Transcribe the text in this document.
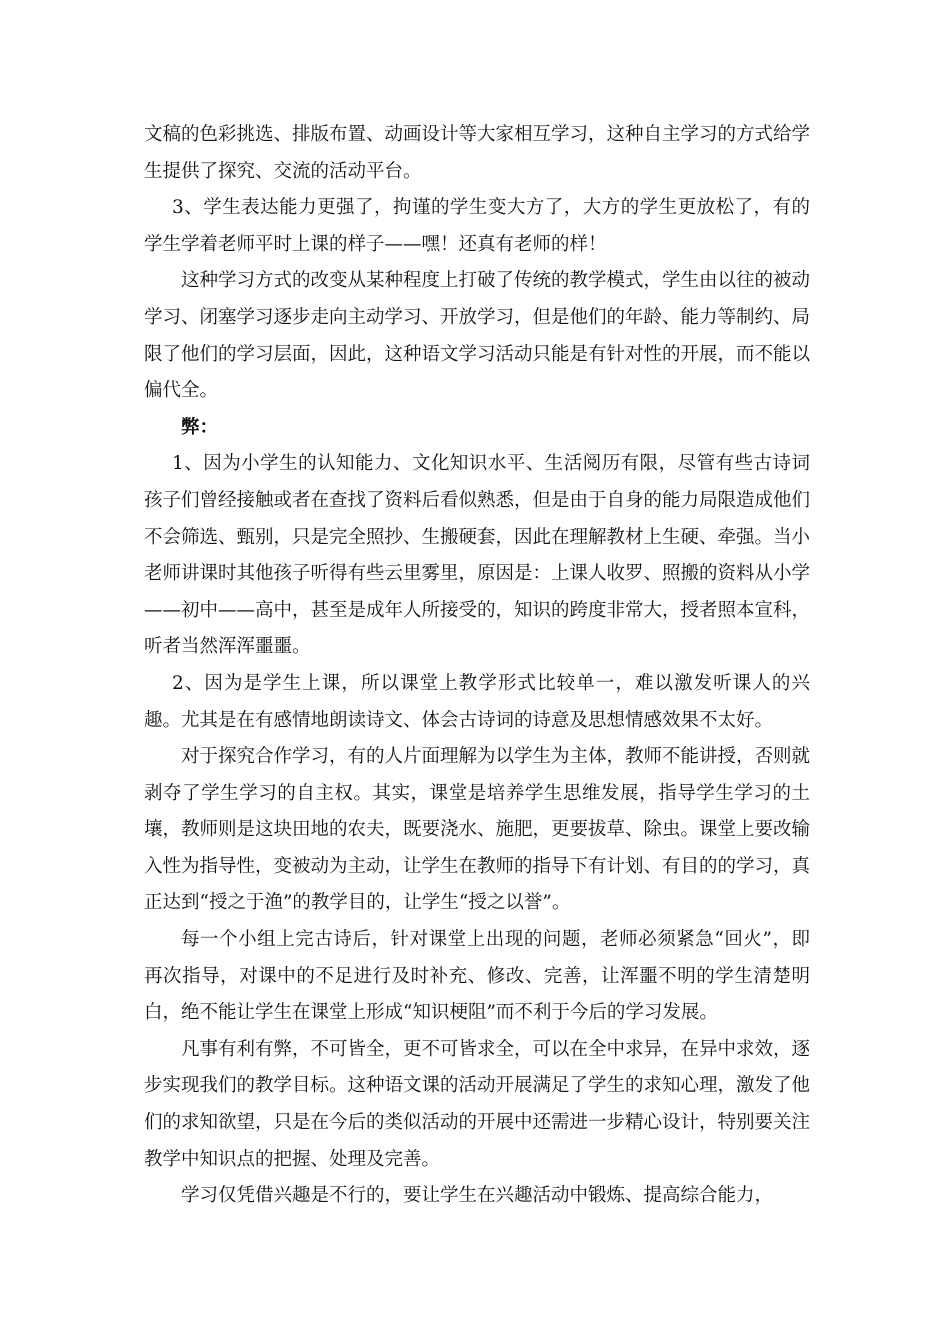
文稿的色彩挑选、排版布置、动画设计等大家相互学习，这种自主学习的方式给学生提供了探究、交流的活动平台。

3、学生表达能力更强了，拘谨的学生变大方了，大方的学生更放松了，有的学生学着老师平时上课的样子——嘿！还真有老师的样！

这种学习方式的改变从某种程度上打破了传统的教学模式，学生由以往的被动学习、闭塞学习逐步走向主动学习、开放学习，但是他们的年龄、能力等制约、局限了他们的学习层面，因此，这种语文学习活动只能是有针对性的开展，而不能以偏代全。

弊：

1、因为小学生的认知能力、文化知识水平、生活阅历有限，尽管有些古诗词孩子们曾经接触或者在查找了资料后看似熟悉，但是由于自身的能力局限造成他们不会筛选、甄别，只是完全照抄、生搬硬套，因此在理解教材上生硬、牵强。当小老师讲课时其他孩子听得有些云里雾里，原因是：上课人收罗、照搬的资料从小学——初中——高中，甚至是成年人所接受的，知识的跨度非常大，授者照本宣科，听者当然浑浑噩噩。

2、因为是学生上课，所以课堂上教学形式比较单一，难以激发听课人的兴趣。尤其是在有感情地朗读诗文、体会古诗词的诗意及思想情感效果不太好。

对于探究合作学习，有的人片面理解为以学生为主体，教师不能讲授，否则就剥夺了学生学习的自主权。其实，课堂是培养学生思维发展，指导学生学习的土壤，教师则是这块田地的农夫，既要浇水、施肥，更要拔草、除虫。课堂上要改输入性为指导性，变被动为主动，让学生在教师的指导下有计划、有目的的学习，真正达到“授之于渔”的教学目的，让学生“授之以誉”。

每一个小组上完古诗后，针对课堂上出现的问题，老师必须紧急“回火”，即再次指导，对课中的不足进行及时补充、修改、完善，让浑噩不明的学生清楚明白，绝不能让学生在课堂上形成“知识梗阻”而不利于今后的学习发展。

凡事有利有弊，不可皆全，更不可皆求全，可以在全中求异，在异中求效，逐步实现我们的教学目标。这种语文课的活动开展满足了学生的求知心理，激发了他们的求知欲望，只是在今后的类似活动的开展中还需进一步精心设计，特别要关注教学中知识点的把握、处理及完善。

学习仅凭借兴趣是不行的，要让学生在兴趣活动中锻炼、提高综合能力，
